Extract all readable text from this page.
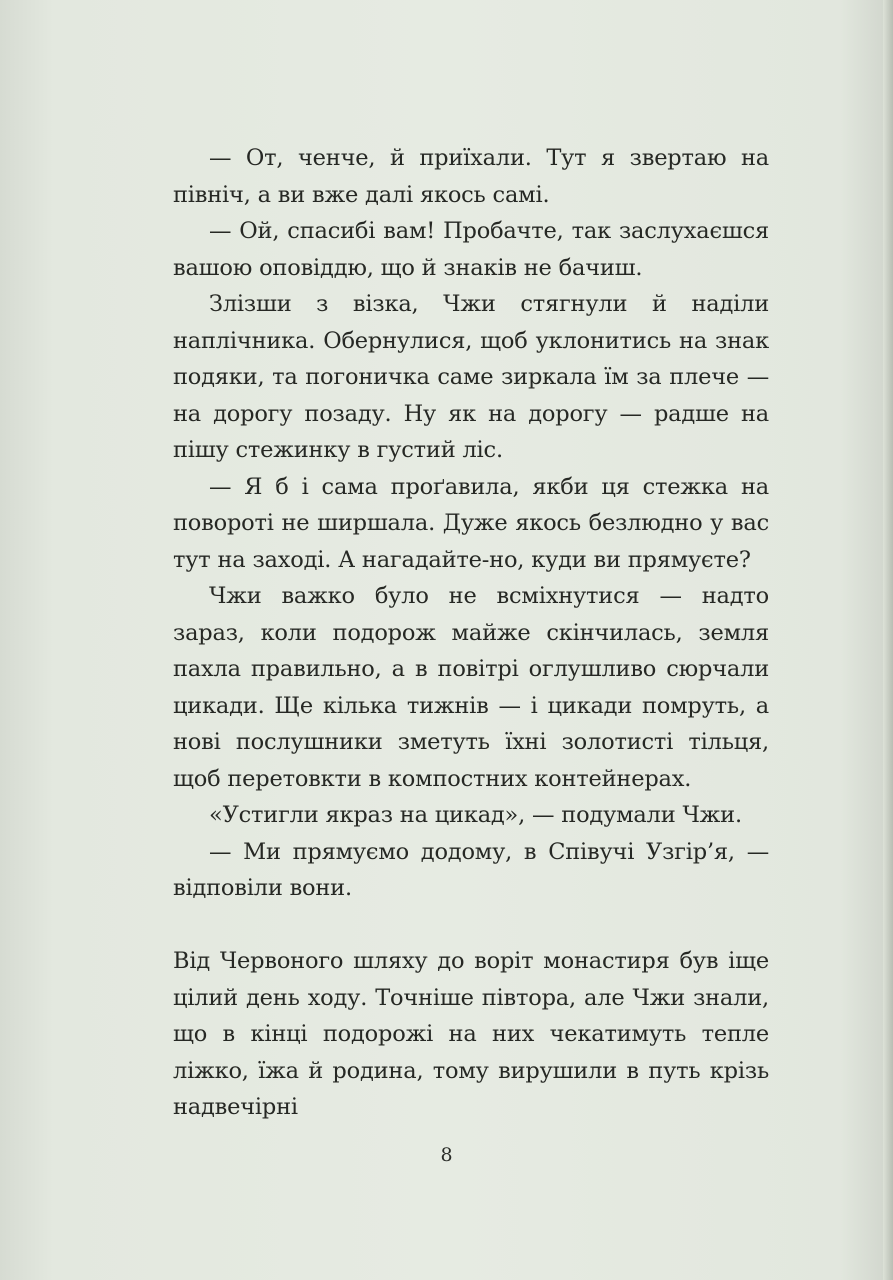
— От, ченче, й приїхали. Тут я звертаю на північ, а ви вже далі якось самі.

— Ой, спасибі вам! Пробачте, так заслухаєшся вашою оповіддю, що й знаків не бачиш.

Злізши з візка, Чжи стягнули й наділи наплічника. Обернулися, щоб уклонитись на знак подяки, та погоничка саме зиркала їм за плече — на дорогу позаду. Ну як на дорогу — радше на пішу стежинку в густий ліс.

— Я б і сама проґавила, якби ця стежка на повороті не ширшала. Дуже якось безлюдно у вас тут на заході. А нагадайте-но, куди ви прямуєте?

Чжи важко було не всміхнутися — надто зараз, коли подорож майже скінчилась, земля пахла правильно, а в повітрі оглушливо сюрчали цикади. Ще кілька тижнів — і цикади помруть, а нові послушники зметуть їхні золотисті тільця, щоб перетовкти в компостних контейнерах.

«Устигли якраз на цикад», — подумали Чжи.

— Ми прямуємо додому, в Співучі Узгір’я, — відповіли вони.

Від Червоного шляху до воріт монастиря був іще цілий день ходу. Точніше півтора, але Чжи знали, що в кінці подорожі на них чекатимуть тепле ліжко, їжа й родина, тому вирушили в путь крізь надвечірні

8
